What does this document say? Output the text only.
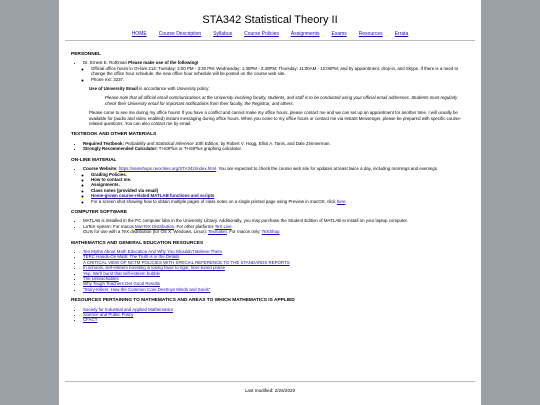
STA342 Statistical Theory II
HOME Course Description Syllabus Course Policies Assignments Exams Resources Errata
PERSONNEL
• Dr. Ernest E. Rothman Please make use of the following!
◦ Official office hours in OI-lam 213: Tuesday: 2:00 PM - 3:30 PM; Wednesday: 1:30PM - 2:30PM; Thursday: 11:00AM - 12:00PM; and by appointment, drop-in, and Skype. If there is a need to change the office hour schedule, the new office hour schedule will be posted on the course web site.
◦ Phone ext: 3237.
Use of University Email in accordance with University policy:
Please note that all official email communications at the University involving faculty, students, and staff is to be conducted using your official email addresses. Students must regularly check their University email for important notifications from their faculty, the Registrar, and others.
Please come to see me during my office hours! If you have a conflict and cannot make my office hours, please contact me and we can set up an appointment for another time. I will usually be available for (audio and video enabled) instant messaging during office hours. When you come to my office hours or contact me via Instant Messenger, please be prepared with specific course-related questions. You can also contact me by email.
TEXTBOOK AND OTHER MATERIALS
• Required Textbook: Probability and Statistical Inference 10th Edition, by Robert V. Hogg, Elliot A. Tanis, and Dale Zimmerman.
• Strongly Recommended Calculator: TI-83Plus or TI-84Plus graphing calculator.
ON-LINE MATERIAL
• Course Website: https://samshops.neocities.org/STA342/index.html. You are expected to check the course web site for updates at least twice a day, including mornings and evenings.
◦ Grading Policies.
◦ How to contact me.
◦ Assignments.
◦ Class notes (provided via email)
◦ Home-grown course-related MATLAB functions and scripts
◦ For a screen shot showing how to obtain multiple pages of class notes on a single printed page using Preview in macOS, click here.
COMPUTER SOFTWARE
• MATLAB is installed in the PC computer labs in the University Library. Additionally, you may purchase the Student Edition of MATLAB to install on your laptop computer.
• LaTeX system: For macos MacTeX Distribution. For other platforms TeX Live.
GUIs for use with a TeX distribution (for OS X, Windows, Linux): Texmaker. For macos only: TeXShop
MATHEMATICS AND GENERAL EDUCATION RESOURCES
• Ten Myths About Math Education And Why You Shouldn't Believe Them
• TERC Hands-On Math: The Truth is in the Details
• A CRITICAL VIEW OF NCTM POLICIES WITH SPECIAL REFERENCE TO THE STANDARDS REPORTS
• In schools, self-esteem boosting is losing favor to rigor, finer-tuned praise
• Yep, We'll burst that self-esteem bubble
• The Unteachables
• Why Tough Teachers Get Good Results
• "Story-Killers: How the Common Core Destroys Minds and Souls"
RESOURCES PERTAINING TO MATHEMATICS AND AREAS TO WHICH MATHEMATICS IS APPLIED
• Society for Industrial and Applied Mathematics
• Science and Public Policy
• CFACT
Last modified: 2/26/2020
